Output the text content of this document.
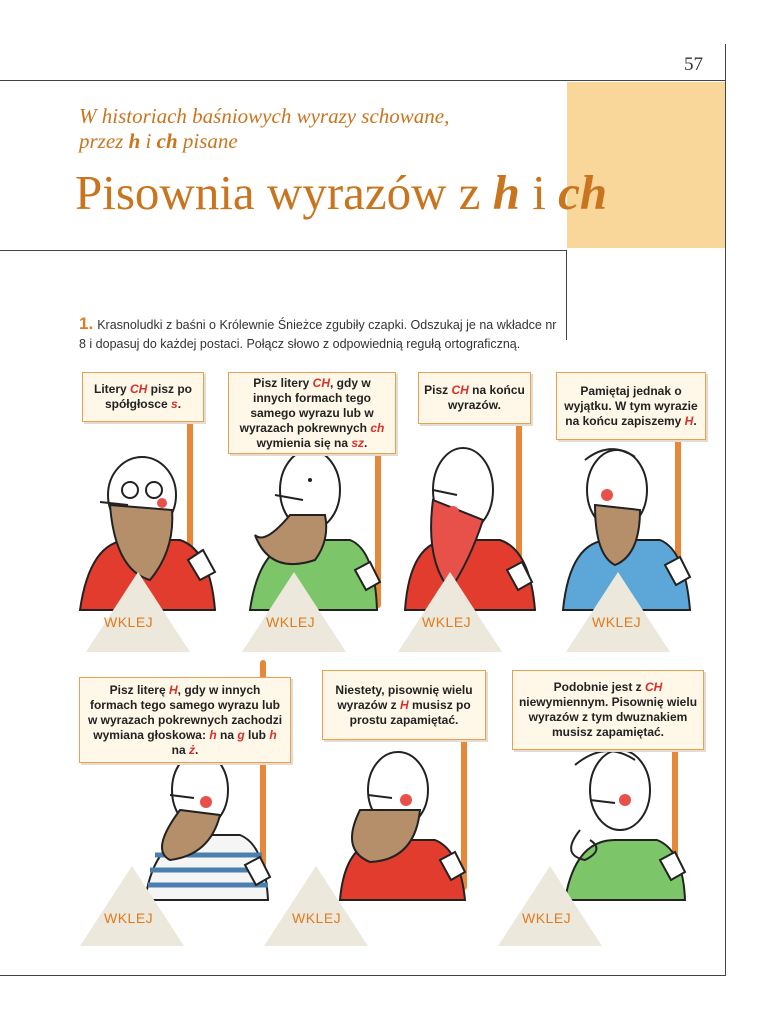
57
W historiach baśniowych wyrazy schowane,
przez h i ch pisane
Pisownia wyrazów z h i ch
1. Krasnoludki z baśni o Królewnie Śnieżce zgubiły czapki. Odszukaj je na wkładce nr 8 i dopasuj do każdej postaci. Połącz słowo z odpowiednią regułą ortograficzną.
Litery CH pisz po spółgłosce s.
WKLEJ
Pisz litery CH, gdy w innych formach tego samego wyrazu lub w wyrazach pokrewnych ch wymienia się na sz.
WKLEJ
Pisz CH na końcu wyrazów.
WKLEJ
Pamiętaj jednak o wyjątku. W tym wyrazie na końcu zapiszemy H.
WKLEJ
Pisz literę H, gdy w innych formach tego samego wyrazu lub w wyrazach pokrewnych zachodzi wymiana głoskowa: h na g lub h na ż.
WKLEJ
Niestety, pisownię wielu wyrazów z H musisz po prostu zapamiętać.
WKLEJ
Podobnie jest z CH niewymiennym. Pisownię wielu wyrazów z tym dwuznakiem musisz zapamiętać.
WKLEJ
